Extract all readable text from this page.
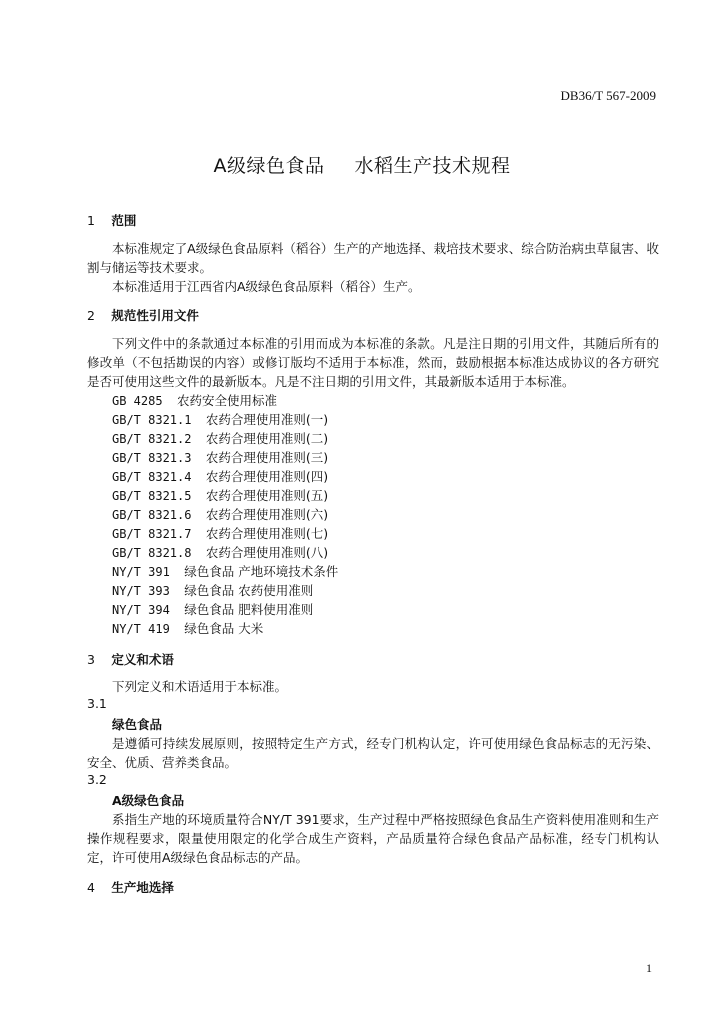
DB36/T 567-2009
A级绿色食品 水稻生产技术规程
1 范围
本标准规定了A级绿色食品原料（稻谷）生产的产地选择、栽培技术要求、综合防治病虫草鼠害、收割与储运等技术要求。
本标准适用于江西省内A级绿色食品原料（稻谷）生产。
2 规范性引用文件
下列文件中的条款通过本标准的引用而成为本标准的条款。凡是注日期的引用文件，其随后所有的修改单（不包括勘误的内容）或修订版均不适用于本标准，然而，鼓励根据本标准达成协议的各方研究是否可使用这些文件的最新版本。凡是不注日期的引用文件，其最新版本适用于本标准。
GB 4285  农药安全使用标准
GB/T 8321.1  农药合理使用准则(一)
GB/T 8321.2  农药合理使用准则(二)
GB/T 8321.3  农药合理使用准则(三)
GB/T 8321.4  农药合理使用准则(四)
GB/T 8321.5  农药合理使用准则(五)
GB/T 8321.6  农药合理使用准则(六)
GB/T 8321.7  农药合理使用准则(七)
GB/T 8321.8  农药合理使用准则(八)
NY/T 391  绿色食品 产地环境技术条件
NY/T 393  绿色食品 农药使用准则
NY/T 394  绿色食品 肥料使用准则
NY/T 419  绿色食品 大米
3 定义和术语
下列定义和术语适用于本标准。
3.1
绿色食品
是遵循可持续发展原则，按照特定生产方式，经专门机构认定，许可使用绿色食品标志的无污染、安全、优质、营养类食品。
3.2
A级绿色食品
系指生产地的环境质量符合NY/T 391要求，生产过程中严格按照绿色食品生产资料使用准则和生产操作规程要求，限量使用限定的化学合成生产资料，产品质量符合绿色食品产品标准，经专门机构认定，许可使用A级绿色食品标志的产品。
4 生产地选择
1
